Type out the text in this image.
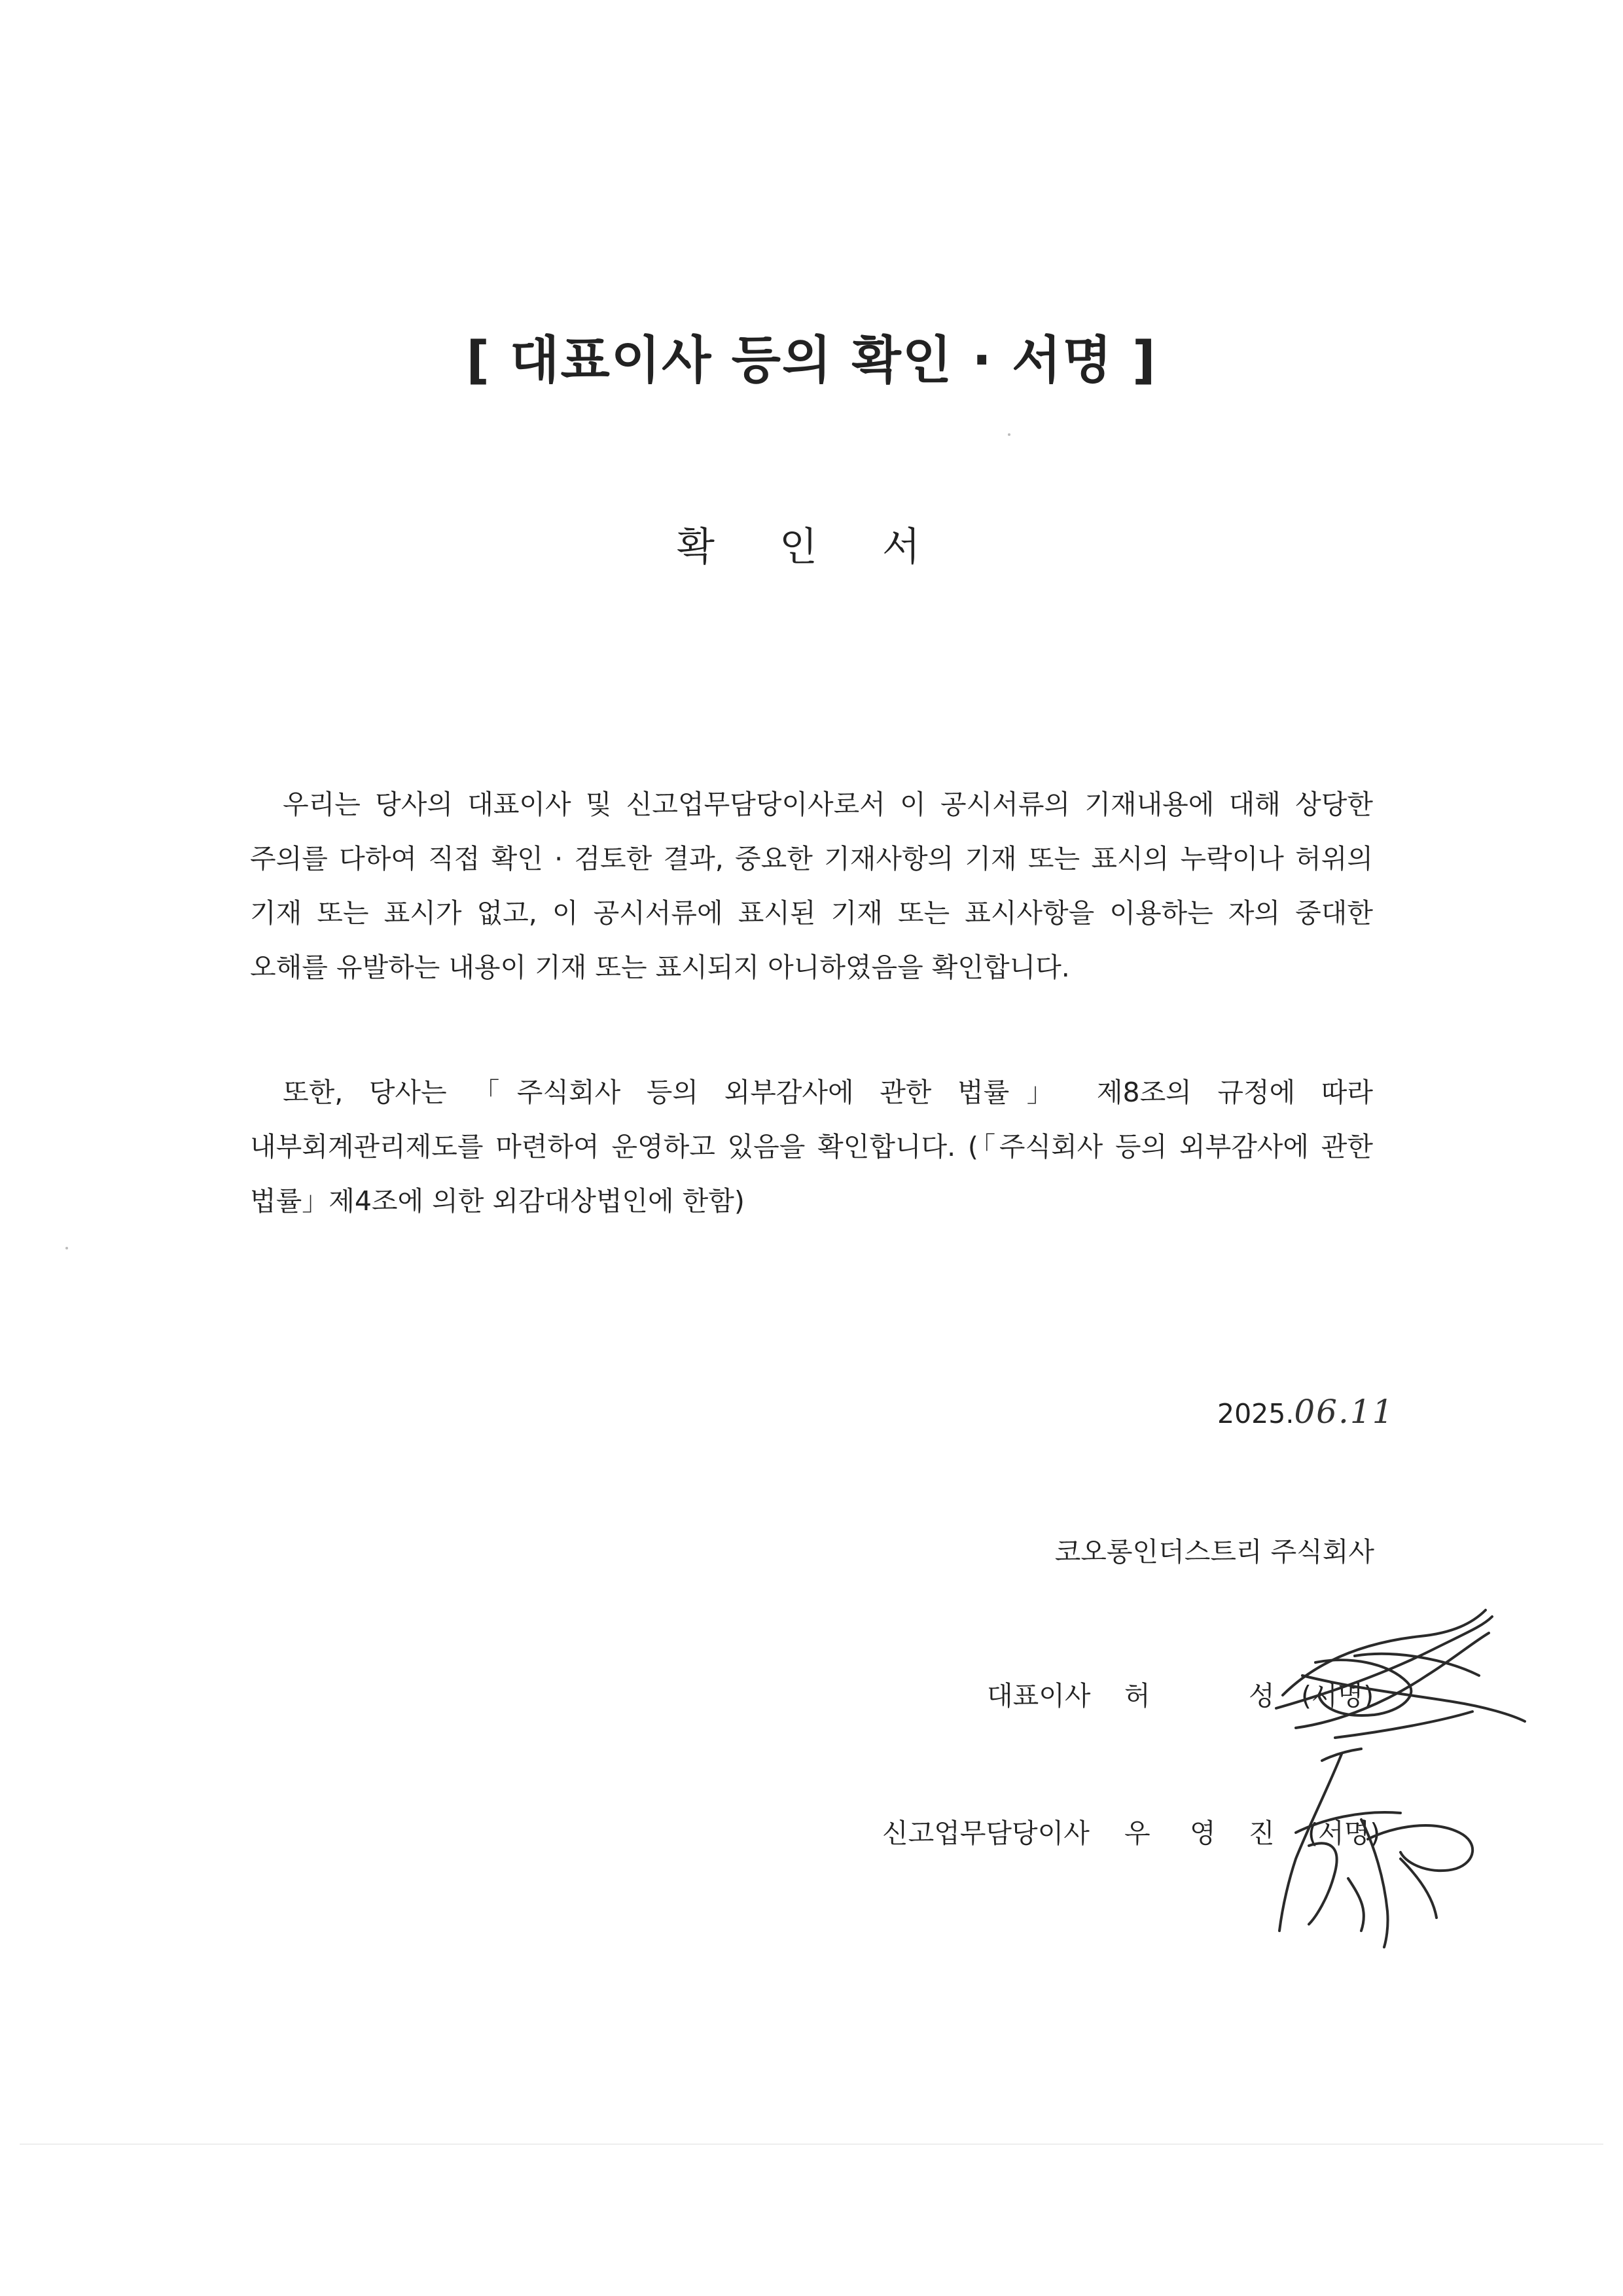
[ 대표이사 등의 확인 · 서명 ]
확 인 서
우리는 당사의 대표이사 및 신고업무담당이사로서 이 공시서류의 기재내용에 대해 상당한 주의를 다하여 직접 확인 · 검토한 결과, 중요한 기재사항의 기재 또는 표시의 누락이나 허위의 기재 또는 표시가 없고, 이 공시서류에 표시된 기재 또는 표시사항을 이용하는 자의 중대한 오해를 유발하는 내용이 기재 또는 표시되지 아니하였음을 확인합니다.
또한, 당사는 「주식회사 등의 외부감사에 관한 법률」 제8조의 규정에 따라 내부회계관리제도를 마련하여 운영하고 있음을 확인합니다. (「주식회사 등의 외부감사에 관한 법률」제4조에 의한 외감대상법인에 한함)
2025.06.11
코오롱인더스트리 주식회사
대표이사 허	성 (서명)
신고업무담당이사 우 영 진 (서명)
